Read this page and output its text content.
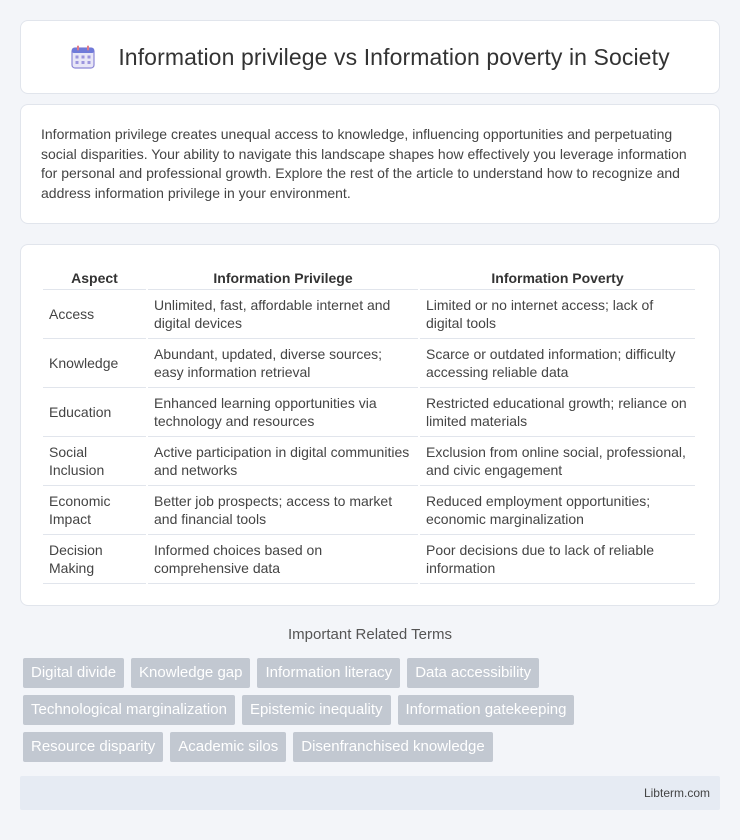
Information privilege vs Information poverty in Society

Information privilege creates unequal access to knowledge, influencing opportunities and perpetuating social disparities. Your ability to navigate this landscape shapes how effectively you leverage information for personal and professional growth. Explore the rest of the article to understand how to recognize and address information privilege in your environment.

Aspect	Information Privilege	Information Poverty
Access	Unlimited, fast, affordable internet and digital devices	Limited or no internet access; lack of digital tools
Knowledge	Abundant, updated, diverse sources; easy information retrieval	Scarce or outdated information; difficulty accessing reliable data
Education	Enhanced learning opportunities via technology and resources	Restricted educational growth; reliance on limited materials
Social Inclusion	Active participation in digital communities and networks	Exclusion from online social, professional, and civic engagement
Economic Impact	Better job prospects; access to market and financial tools	Reduced employment opportunities; economic marginalization
Decision Making	Informed choices based on comprehensive data	Poor decisions due to lack of reliable information
Important Related Terms
Digital divide	Knowledge gap	Information literacy	Data accessibility
Technological marginalization	Epistemic inequality	Information gatekeeping
Resource disparity	Academic silos	Disenfranchised knowledge
Libterm.com
